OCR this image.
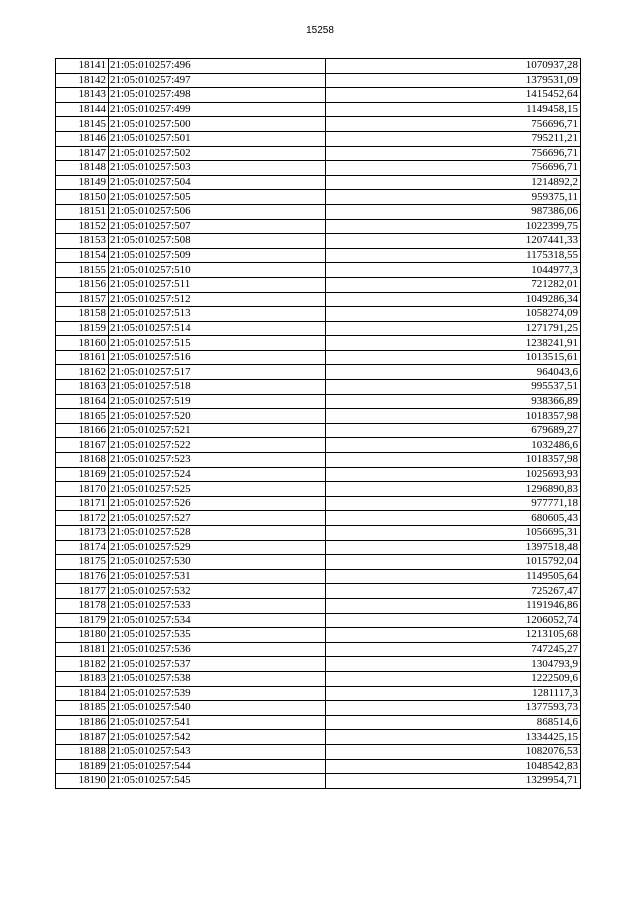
15258
18141	21:05:010257:496	1070937,28
18142	21:05:010257:497	1379531,09
18143	21:05:010257:498	1415452,64
18144	21:05:010257:499	1149458,15
18145	21:05:010257:500	756696,71
18146	21:05:010257:501	795211,21
18147	21:05:010257:502	756696,71
18148	21:05:010257:503	756696,71
18149	21:05:010257:504	1214892,2
18150	21:05:010257:505	959375,11
18151	21:05:010257:506	987386,06
18152	21:05:010257:507	1022399,75
18153	21:05:010257:508	1207441,33
18154	21:05:010257:509	1175318,55
18155	21:05:010257:510	1044977,3
18156	21:05:010257:511	721282,01
18157	21:05:010257:512	1049286,34
18158	21:05:010257:513	1058274,09
18159	21:05:010257:514	1271791,25
18160	21:05:010257:515	1238241,91
18161	21:05:010257:516	1013515,61
18162	21:05:010257:517	964043,6
18163	21:05:010257:518	995537,51
18164	21:05:010257:519	938366,89
18165	21:05:010257:520	1018357,98
18166	21:05:010257:521	679689,27
18167	21:05:010257:522	1032486,6
18168	21:05:010257:523	1018357,98
18169	21:05:010257:524	1025693,93
18170	21:05:010257:525	1296890,83
18171	21:05:010257:526	977771,18
18172	21:05:010257:527	680605,43
18173	21:05:010257:528	1056695,31
18174	21:05:010257:529	1397518,48
18175	21:05:010257:530	1015792,04
18176	21:05:010257:531	1149505,64
18177	21:05:010257:532	725267,47
18178	21:05:010257:533	1191946,86
18179	21:05:010257:534	1206052,74
18180	21:05:010257:535	1213105,68
18181	21:05:010257:536	747245,27
18182	21:05:010257:537	1304793,9
18183	21:05:010257:538	1222509,6
18184	21:05:010257:539	1281117,3
18185	21:05:010257:540	1377593,73
18186	21:05:010257:541	868514,6
18187	21:05:010257:542	1334425,15
18188	21:05:010257:543	1082076,53
18189	21:05:010257:544	1048542,83
18190	21:05:010257:545	1329954,71
